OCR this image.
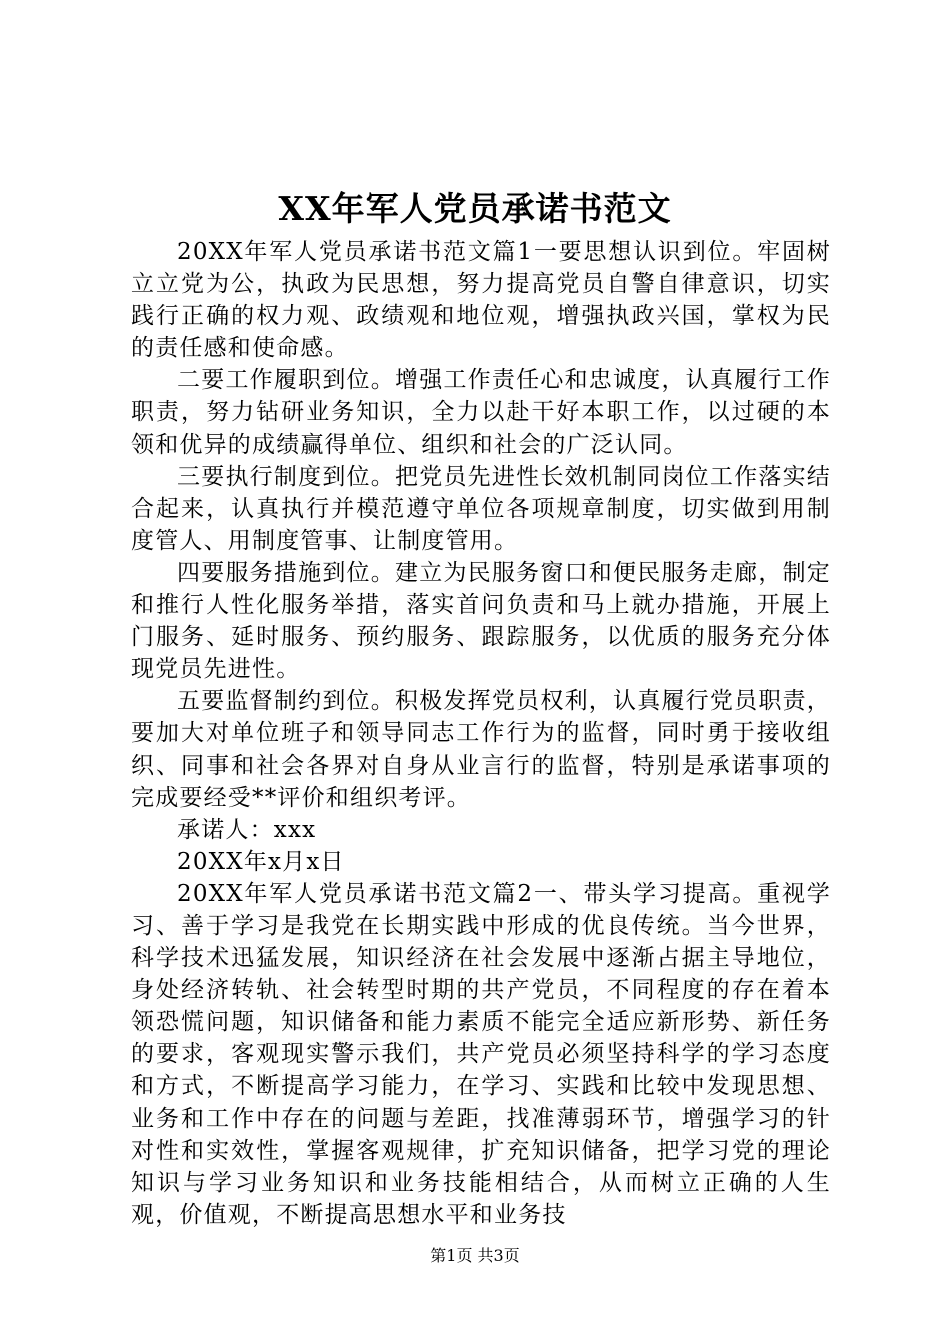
XX年军人党员承诺书范文

20XX年军人党员承诺书范文篇1一要思想认识到位。牢固树立立党为公，执政为民思想，努力提高党员自警自律意识，切实践行正确的权力观、政绩观和地位观，增强执政兴国，掌权为民的责任感和使命感。

二要工作履职到位。增强工作责任心和忠诚度，认真履行工作职责，努力钻研业务知识，全力以赴干好本职工作，以过硬的本领和优异的成绩赢得单位、组织和社会的广泛认同。

三要执行制度到位。把党员先进性长效机制同岗位工作落实结合起来，认真执行并模范遵守单位各项规章制度，切实做到用制度管人、用制度管事、让制度管用。

四要服务措施到位。建立为民服务窗口和便民服务走廊，制定和推行人性化服务举措，落实首问负责和马上就办措施，开展上门服务、延时服务、预约服务、跟踪服务，以优质的服务充分体现党员先进性。

五要监督制约到位。积极发挥党员权利，认真履行党员职责，要加大对单位班子和领导同志工作行为的监督，同时勇于接收组织、同事和社会各界对自身从业言行的监督，特别是承诺事项的完成要经受**评价和组织考评。

承诺人：xxx

20XX年x月x日

20XX年军人党员承诺书范文篇2一、带头学习提高。重视学习、善于学习是我党在长期实践中形成的优良传统。当今世界，科学技术迅猛发展，知识经济在社会发展中逐渐占据主导地位，身处经济转轨、社会转型时期的共产党员，不同程度的存在着本领恐慌问题，知识储备和能力素质不能完全适应新形势、新任务的要求，客观现实警示我们，共产党员必须坚持科学的学习态度和方式，不断提高学习能力，在学习、实践和比较中发现思想、业务和工作中存在的问题与差距，找准薄弱环节，增强学习的针对性和实效性，掌握客观规律，扩充知识储备，把学习党的理论知识与学习业务知识和业务技能相结合，从而树立正确的人生观，价值观，不断提高思想水平和业务技

第1页 共3页
